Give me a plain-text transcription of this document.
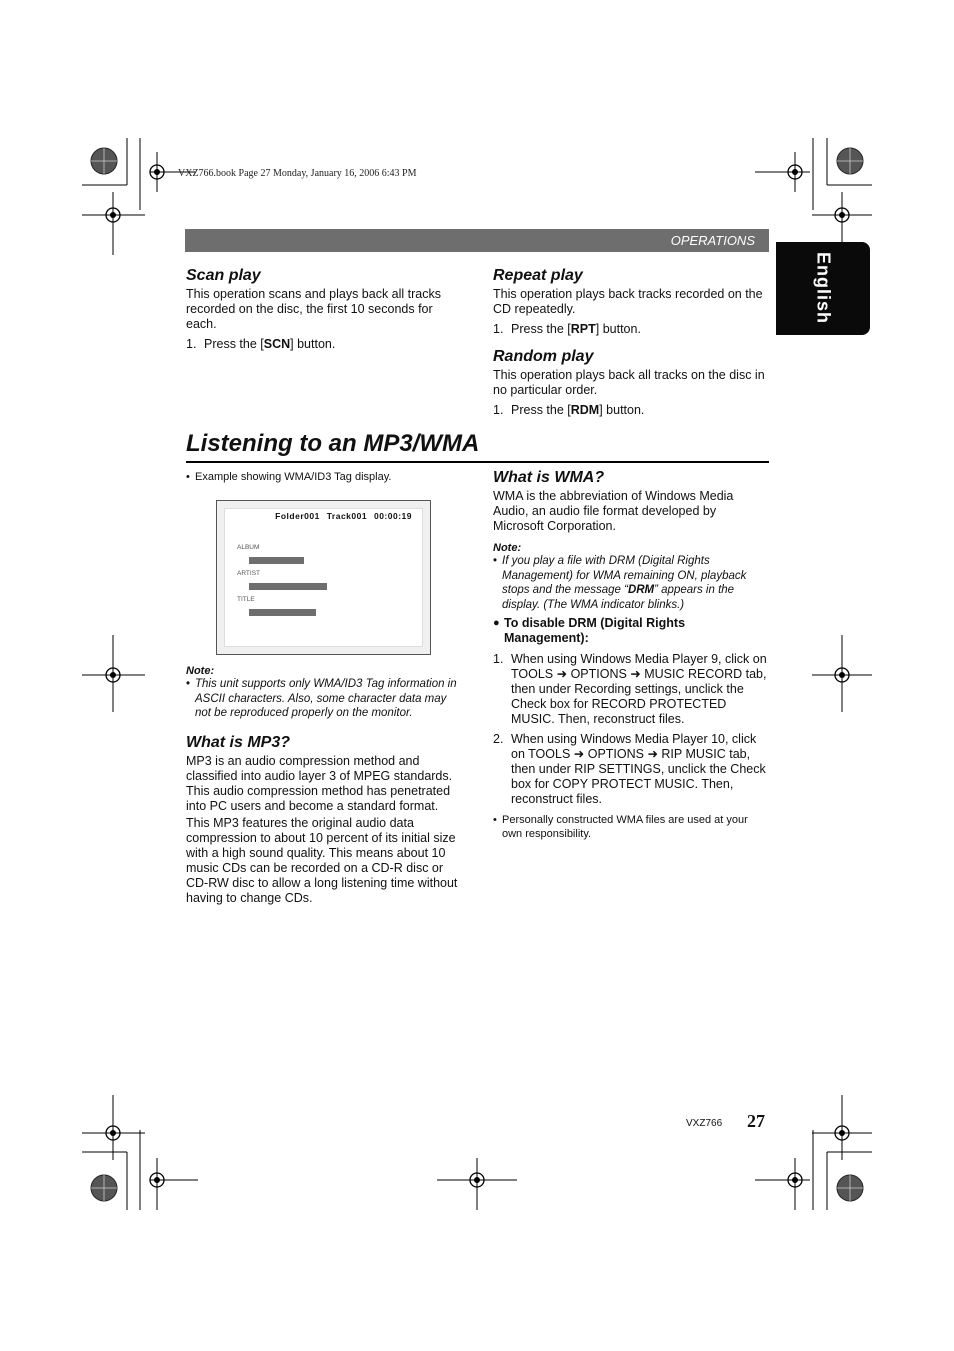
VXZ766.book Page 27 Monday, January 16, 2006 6:43 PM
OPERATIONS
English
Scan play

This operation scans and plays back all tracks recorded on the disc, the first 10 seconds for each.

1. Press the [SCN] button.
Repeat play

This operation plays back tracks recorded on the CD repeatedly.

1. Press the [RPT] button.
Random play

This operation plays back all tracks on the disc in no particular order.

1. Press the [RDM] button.
Listening to an MP3/WMA
• Example showing WMA/ID3 Tag display.
Folder001 Track001 00:00:19
ALBUM
ARTIST
TITLE
Note:
• This unit supports only WMA/ID3 Tag information in ASCII characters. Also, some character data may not be reproduced properly on the monitor.
What is MP3?

MP3 is an audio compression method and classified into audio layer 3 of MPEG standards. This audio compression method has penetrated into PC users and become a standard format.

This MP3 features the original audio data compression to about 10 percent of its initial size with a high sound quality. This means about 10 music CDs can be recorded on a CD-R disc or CD-RW disc to allow a long listening time without having to change CDs.

What is WMA?

WMA is the abbreviation of Windows Media Audio, an audio file format developed by Microsoft Corporation.

Note:
• If you play a file with DRM (Digital Rights Management) for WMA remaining ON, playback stops and the message “DRM” appears in the display. (The WMA indicator blinks.)
● To disable DRM (Digital Rights Management):
1. When using Windows Media Player 9, click on TOOLS ➜ OPTIONS ➜ MUSIC RECORD tab, then under Recording settings, unclick the Check box for RECORD PROTECTED MUSIC. Then, reconstruct files.
2. When using Windows Media Player 10, click on TOOLS ➜ OPTIONS ➜ RIP MUSIC tab, then under RIP SETTINGS, unclick the Check box for COPY PROTECT MUSIC. Then, reconstruct files.
• Personally constructed WMA files are used at your own responsibility.
VXZ766 27
